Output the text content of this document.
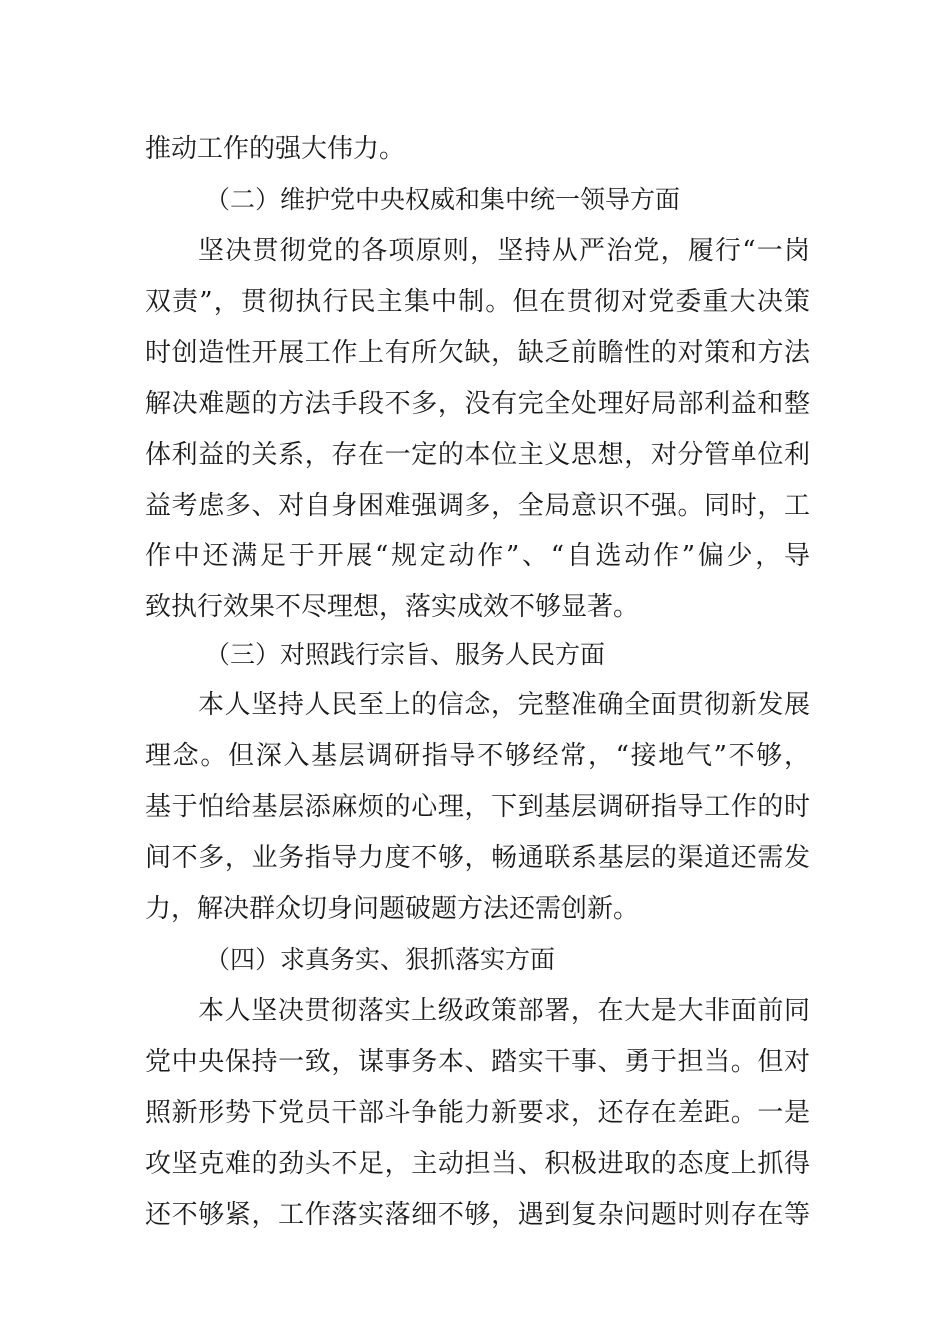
推动工作的强大伟力。
（二）维护党中央权威和集中统一领导方面
坚决贯彻党的各项原则，坚持从严治党，履行“一岗
双责”，贯彻执行民主集中制。但在贯彻对党委重大决策
时创造性开展工作上有所欠缺，缺乏前瞻性的对策和方法
解决难题的方法手段不多，没有完全处理好局部利益和整
体利益的关系，存在一定的本位主义思想，对分管单位利
益考虑多、对自身困难强调多，全局意识不强。同时，工
作中还满足于开展“规定动作”、“自选动作”偏少，导
致执行效果不尽理想，落实成效不够显著。
（三）对照践行宗旨、服务人民方面
本人坚持人民至上的信念，完整准确全面贯彻新发展
理念。但深入基层调研指导不够经常，“接地气”不够，
基于怕给基层添麻烦的心理，下到基层调研指导工作的时
间不多，业务指导力度不够，畅通联系基层的渠道还需发
力，解决群众切身问题破题方法还需创新。
（四）求真务实、狠抓落实方面
本人坚决贯彻落实上级政策部署，在大是大非面前同
党中央保持一致，谋事务本、踏实干事、勇于担当。但对
照新形势下党员干部斗争能力新要求，还存在差距。一是
攻坚克难的劲头不足，主动担当、积极进取的态度上抓得
还不够紧，工作落实落细不够，遇到复杂问题时则存在等
